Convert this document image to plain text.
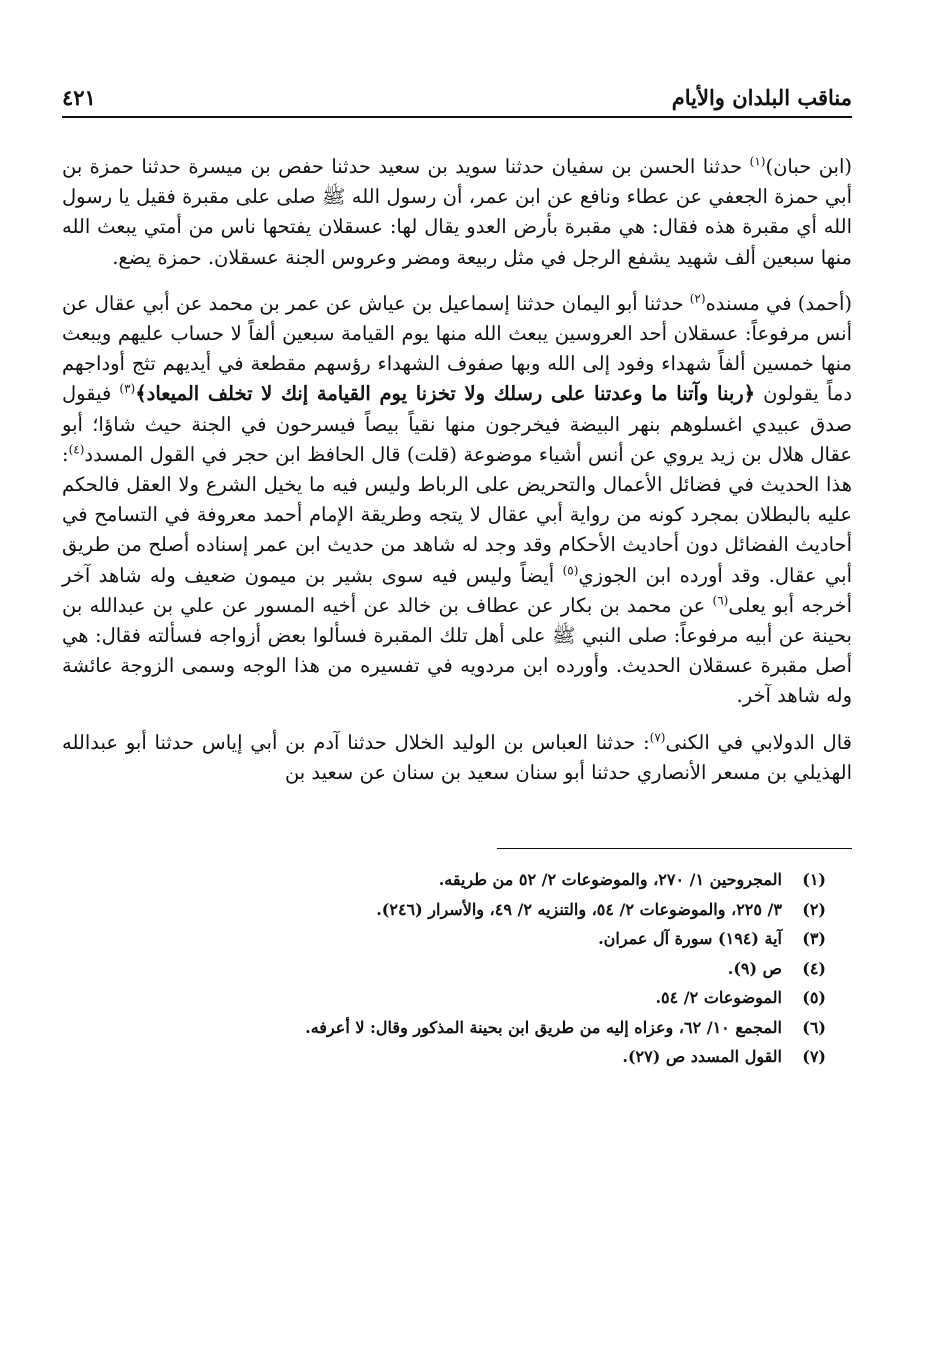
مناقب البلدان والأيام
٤٢١

(ابن حبان)$^{(١)}$ حدثنا الحسن بن سفيان حدثنا سويد بن سعيد حدثنا حفص بن ميسرة حدثنا حمزة بن أبي حمزة الجعفي عن عطاء ونافع عن ابن عمر، أن رسول الله ﷺ صلى على مقبرة فقيل يا رسول الله أي مقبرة هذه فقال: هي مقبرة بأرض العدو يقال لها: عسقلان يفتحها ناس من أمتي يبعث الله منها سبعين ألف شهيد يشفع الرجل في مثل ربيعة ومضر وعروس الجنة عسقلان. حمزة يضع.

(أحمد) في مسنده$^{(٢)}$ حدثنا أبو اليمان حدثنا إسماعيل بن عياش عن عمر بن محمد عن أبي عقال عن أنس مرفوعاً: عسقلان أحد العروسين يبعث الله منها يوم القيامة سبعين ألفاً لا حساب عليهم ويبعث منها خمسين ألفاً شهداء وفود إلى الله وبها صفوف الشهداء رؤسهم مقطعة في أيديهم تثج أوداجهم دماً يقولون ﴿ربنا وآتنا ما وعدتنا على رسلك ولا تخزنا يوم القيامة إنك لا تخلف الميعاد﴾$^{(٣)}$ فيقول صدق عبيدي اغسلوهم بنهر البيضة فيخرجون منها نقياً بيصاً فيسرحون في الجنة حيث شاؤا؛ أبو عقال هلال بن زيد يروي عن أنس أشياء موضوعة (قلت) قال الحافظ ابن حجر في القول المسدد$^{(٤)}$: هذا الحديث في فضائل الأعمال والتحريض على الرباط وليس فيه ما يخيل الشرع ولا العقل فالحكم عليه بالبطلان بمجرد كونه من رواية أبي عقال لا يتجه وطريقة الإمام أحمد معروفة في التسامح في أحاديث الفضائل دون أحاديث الأحكام وقد وجد له شاهد من حديث ابن عمر إسناده أصلح من طريق أبي عقال. وقد أورده ابن الجوزي$^{(٥)}$ أيضاً وليس فيه سوى بشير بن ميمون ضعيف وله شاهد آخر أخرجه أبو يعلى$^{(٦)}$ عن محمد بن بكار عن عطاف بن خالد عن أخيه المسور عن علي بن عبدالله بن بحينة عن أبيه مرفوعاً: صلى النبي ﷺ على أهل تلك المقبرة فسألوا بعض أزواجه فسألته فقال: هي أصل مقبرة عسقلان الحديث. وأورده ابن مردويه في تفسيره من هذا الوجه وسمى الزوجة عائشة وله شاهد آخر.

قال الدولابي في الكنى$^{(٧)}$: حدثنا العباس بن الوليد الخلال حدثنا آدم بن أبي إياس حدثنا أبو عبدالله الهذيلي بن مسعر الأنصاري حدثنا أبو سنان سعيد بن سنان عن سعيد بن

(١)
المجروحين ١/ ٢٧٠، والموضوعات ٢/ ٥٢ من طريقه.
(٢)
٣/ ٢٢٥، والموضوعات ٢/ ٥٤، والتنزيه ٢/ ٤٩، والأسرار (٢٤٦).
(٣)
آية (١٩٤) سورة آل عمران.
(٤)
ص (٩).
(٥)
الموضوعات ٢/ ٥٤.
(٦)
المجمع ١٠/ ٦٢، وعزاه إليه من طريق ابن بحينة المذكور وقال: لا أعرفه.
(٧)
القول المسدد ص (٢٧).
